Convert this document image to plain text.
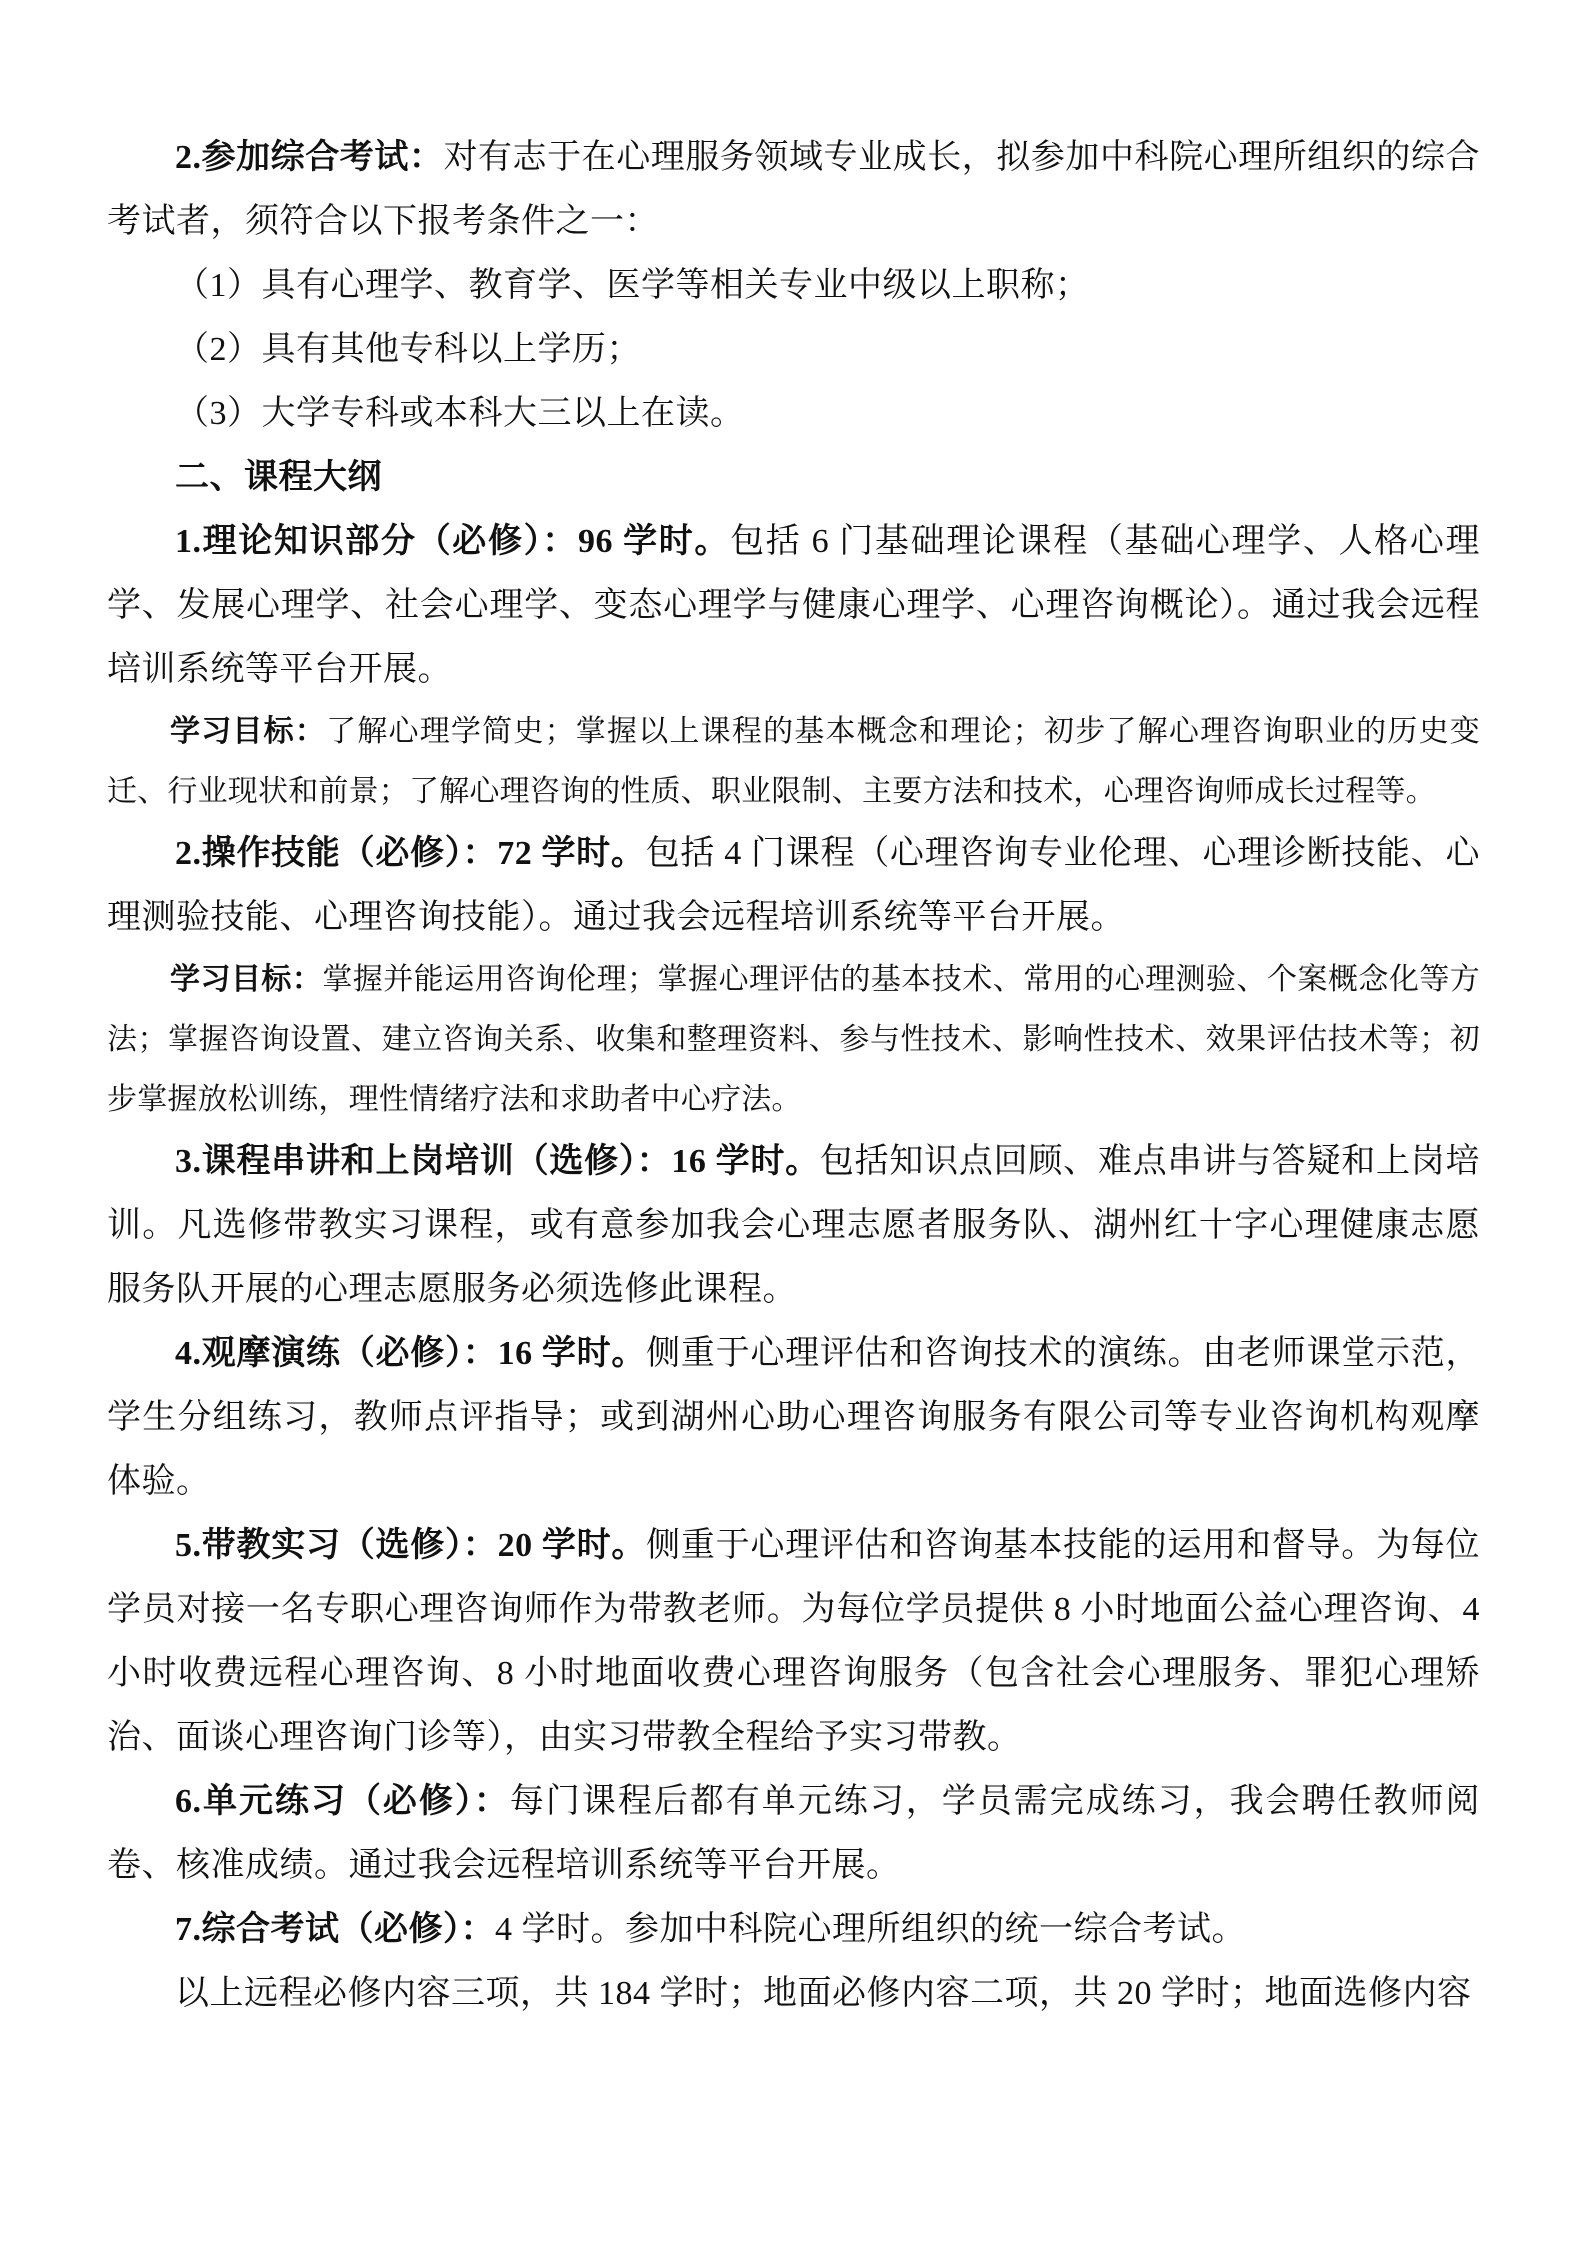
2.参加综合考试：对有志于在心理服务领域专业成长，拟参加中科院心理所组织的综合考试者，须符合以下报考条件之一：

（1）具有心理学、教育学、医学等相关专业中级以上职称；

（2）具有其他专科以上学历；

（3）大学专科或本科大三以上在读。

二、课程大纲

1.理论知识部分（必修）：96 学时。包括 6 门基础理论课程（基础心理学、人格心理学、发展心理学、社会心理学、变态心理学与健康心理学、心理咨询概论）。通过我会远程培训系统等平台开展。

学习目标：了解心理学简史；掌握以上课程的基本概念和理论；初步了解心理咨询职业的历史变迁、行业现状和前景；了解心理咨询的性质、职业限制、主要方法和技术，心理咨询师成长过程等。

2.操作技能（必修）：72 学时。包括 4 门课程（心理咨询专业伦理、心理诊断技能、心理测验技能、心理咨询技能）。通过我会远程培训系统等平台开展。

学习目标：掌握并能运用咨询伦理；掌握心理评估的基本技术、常用的心理测验、个案概念化等方法；掌握咨询设置、建立咨询关系、收集和整理资料、参与性技术、影响性技术、效果评估技术等；初步掌握放松训练，理性情绪疗法和求助者中心疗法。

3.课程串讲和上岗培训（选修）：16 学时。包括知识点回顾、难点串讲与答疑和上岗培训。凡选修带教实习课程，或有意参加我会心理志愿者服务队、湖州红十字心理健康志愿服务队开展的心理志愿服务必须选修此课程。

4.观摩演练（必修）：16 学时。侧重于心理评估和咨询技术的演练。由老师课堂示范，学生分组练习，教师点评指导；或到湖州心助心理咨询服务有限公司等专业咨询机构观摩体验。

5.带教实习（选修）：20 学时。侧重于心理评估和咨询基本技能的运用和督导。为每位学员对接一名专职心理咨询师作为带教老师。为每位学员提供 8 小时地面公益心理咨询、4 小时收费远程心理咨询、8 小时地面收费心理咨询服务（包含社会心理服务、罪犯心理矫治、面谈心理咨询门诊等），由实习带教全程给予实习带教。

6.单元练习（必修）：每门课程后都有单元练习，学员需完成练习，我会聘任教师阅卷、核准成绩。通过我会远程培训系统等平台开展。

7.综合考试（必修）：4 学时。参加中科院心理所组织的统一综合考试。

以上远程必修内容三项，共 184 学时；地面必修内容二项，共 20 学时；地面选修内容
